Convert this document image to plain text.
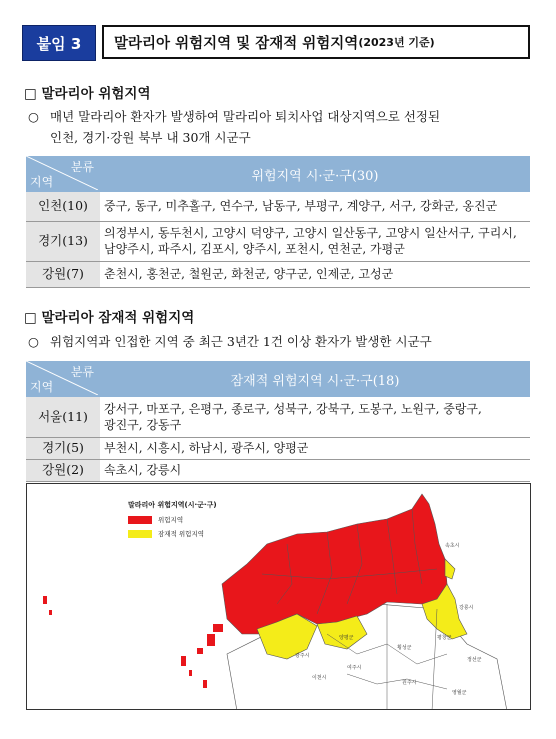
붙임 3	말라리아 위험지역 및 잠재적 위험지역 (2023년 기준)
□ 말라리아 위험지역
○ 매년 말라리아 환자가 발생하여 말라리아 퇴치사업 대상지역으로 선정된
인천, 경기·강원 북부 내 30개 시군구
분류
지역	위험지역 시·군·구(30)
인천(10)	중구, 동구, 미추홀구, 연수구, 남동구, 부평구, 계양구, 서구, 강화군, 옹진군

경기(13)	의정부시, 동두천시, 고양시 덕양구, 고양시 일산동구, 고양시 일산서구, 구리시,
남양주시, 파주시, 김포시, 양주시, 포천시, 연천군, 가평군

강원(7)	춘천시, 홍천군, 철원군, 화천군, 양구군, 인제군, 고성군
□ 말라리아 잠재적 위험지역
○ 위험지역과 인접한 지역 중 최근 3년간 1건 이상 환자가 발생한 시군구
분류
지역	잠재적 위험지역 시·군·구(18)
서울(11)	강서구, 마포구, 은평구, 종로구, 성북구, 강북구, 도봉구, 노원구, 중랑구,
광진구, 강동구

경기(5)	부천시, 시흥시, 하남시, 광주시, 양평군

강원(2)	속초시, 강릉시
말라리아 위험지역(시·군·구)
위험지역
잠재적 위험지역
속초시
강릉시
양평군	평창군
정선군
횡성군
원주시
영월군
이천시
여주시
광주시
